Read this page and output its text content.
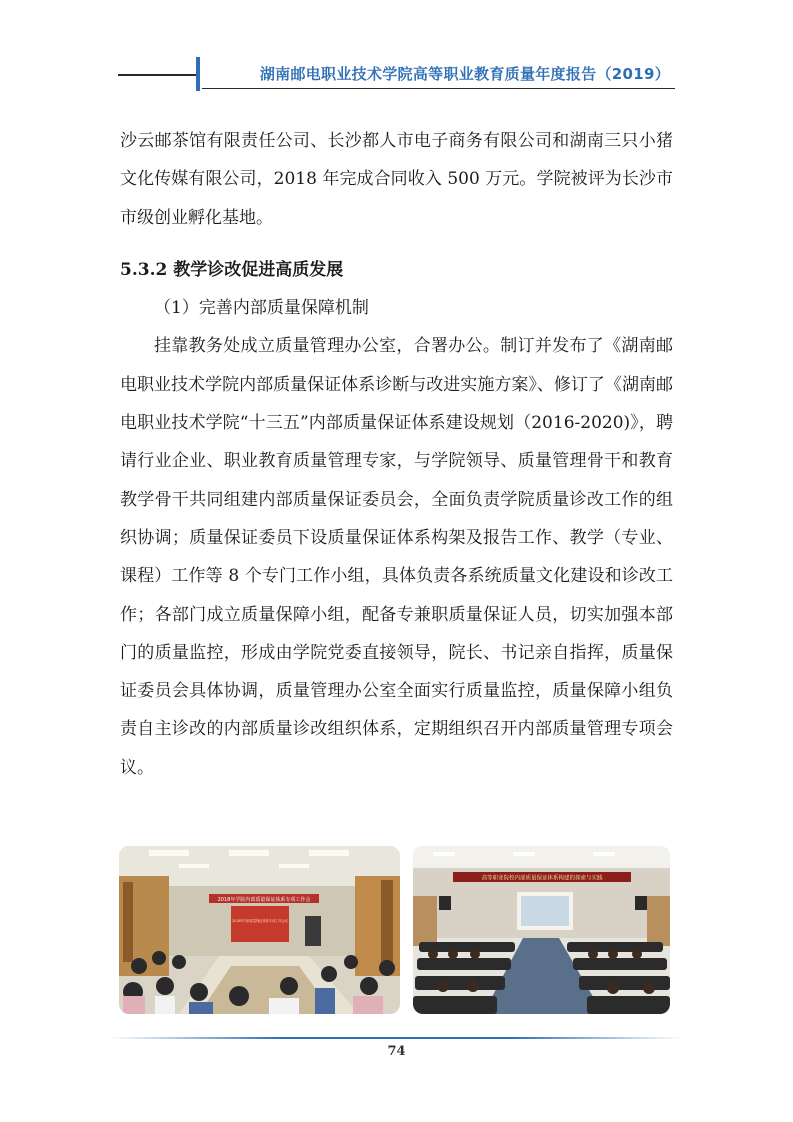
湖南邮电职业技术学院高等职业教育质量年度报告（2019）

沙云邮茶馆有限责任公司、长沙都人市电子商务有限公司和湖南三只小猪文化传媒有限公司，2018 年完成合同收入 500 万元。学院被评为长沙市市级创业孵化基地。

5.3.2 教学诊改促进高质发展

（1）完善内部质量保障机制

挂靠教务处成立质量管理办公室，合署办公。制订并发布了《湖南邮电职业技术学院内部质量保证体系诊断与改进实施方案》、修订了《湖南邮电职业技术学院“十三五”内部质量保证体系建设规划（2016-2020)》，聘请行业企业、职业教育质量管理专家，与学院领导、质量管理骨干和教育教学骨干共同组建内部质量保证委员会，全面负责学院质量诊改工作的组织协调；质量保证委员下设质量保证体系构架及报告工作、教学（专业、课程）工作等 8 个专门工作小组，具体负责各系统质量文化建设和诊改工作；各部门成立质量保障小组，配备专兼职质量保证人员，切实加强本部门的质量监控，形成由学院党委直接领导，院长、书记亲自指挥，质量保证委员会具体协调，质量管理办公室全面实行质量监控，质量保障小组负责自主诊改的内部质量诊改组织体系，定期组织召开内部质量管理专项会议。

2018年学院内部质量保证体系专项工作会
2018年内部质量保证体系专项工作会议
高等职业院校内部质量保证体系构建的探索与实践
74
